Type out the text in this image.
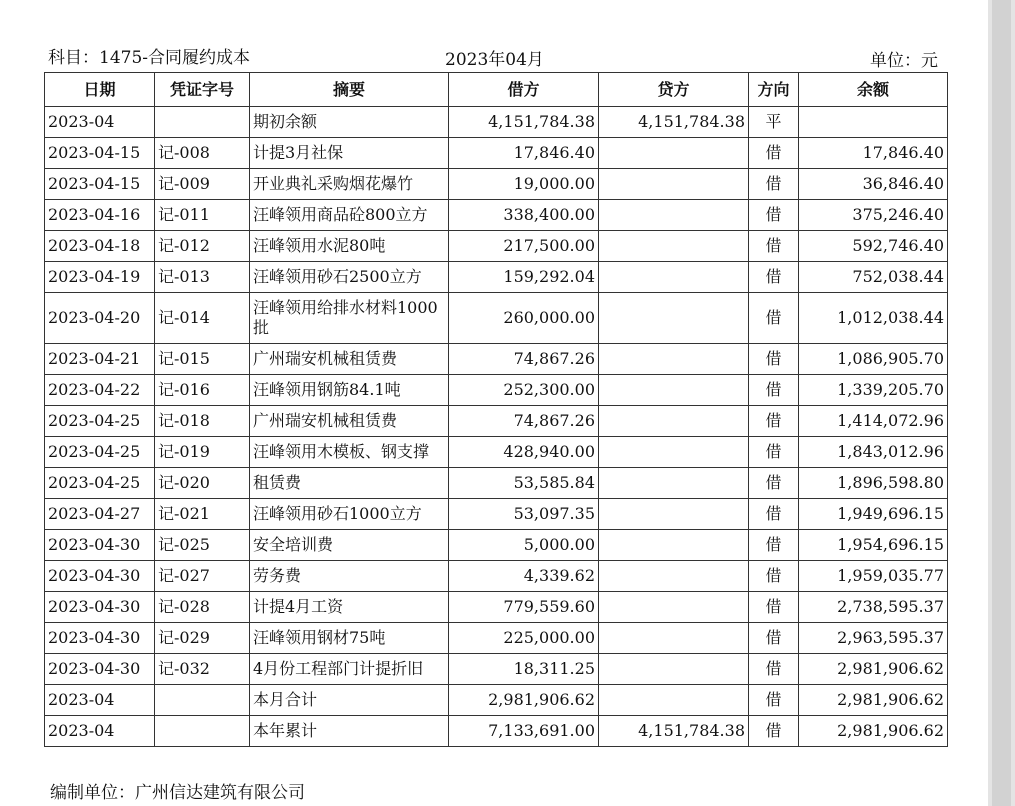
科目：1475-合同履约成本	2023年04月	单位：元
日期	凭证字号	摘要	借方	贷方	方向	余额
2023-04		期初余额	4,151,784.38	4,151,784.38	平	
2023-04-15	记-008	计提3月社保	17,846.40		借	17,846.40
2023-04-15	记-009	开业典礼采购烟花爆竹	19,000.00		借	36,846.40
2023-04-16	记-011	汪峰领用商品砼800立方	338,400.00		借	375,246.40
2023-04-18	记-012	汪峰领用水泥80吨	217,500.00		借	592,746.40
2023-04-19	记-013	汪峰领用砂石2500立方	159,292.04		借	752,038.44
2023-04-20	记-014	汪峰领用给排水材料1000批	260,000.00		借	1,012,038.44
2023-04-21	记-015	广州瑞安机械租赁费	74,867.26		借	1,086,905.70
2023-04-22	记-016	汪峰领用钢筋84.1吨	252,300.00		借	1,339,205.70
2023-04-25	记-018	广州瑞安机械租赁费	74,867.26		借	1,414,072.96
2023-04-25	记-019	汪峰领用木模板、钢支撑	428,940.00		借	1,843,012.96
2023-04-25	记-020	租赁费	53,585.84		借	1,896,598.80
2023-04-27	记-021	汪峰领用砂石1000立方	53,097.35		借	1,949,696.15
2023-04-30	记-025	安全培训费	5,000.00		借	1,954,696.15
2023-04-30	记-027	劳务费	4,339.62		借	1,959,035.77
2023-04-30	记-028	计提4月工资	779,559.60		借	2,738,595.37
2023-04-30	记-029	汪峰领用钢材75吨	225,000.00		借	2,963,595.37
2023-04-30	记-032	4月份工程部门计提折旧	18,311.25		借	2,981,906.62
2023-04		本月合计	2,981,906.62		借	2,981,906.62
2023-04		本年累计	7,133,691.00	4,151,784.38	借	2,981,906.62
编制单位：广州信达建筑有限公司
